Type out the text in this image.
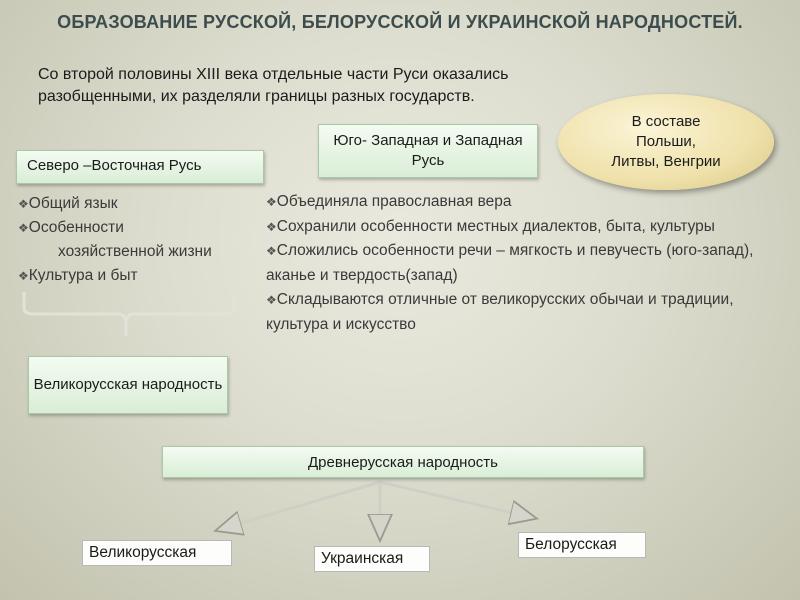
ОБРАЗОВАНИЕ РУССКОЙ, БЕЛОРУССКОЙ И УКРАИНСКОЙ НАРОДНОСТЕЙ.
Со второй половины XIII века отдельные части Руси оказались разобщенными, их разделяли границы разных государств.
В составе Польши, Литвы, Венгрии
Северо –Восточная Русь
Юго- Западная и Западная Русь
❖Общий язык
❖Особенности
хозяйственной жизни
❖Культура и быт
❖Объединяла православная вера
❖Сохранили особенности местных диалектов, быта, культуры
❖Сложились особенности речи – мягкость и певучесть (юго-запад), аканье и твердость(запад)
❖Складываются отличные от великорусских обычаи и традиции, культура и искусство
Великорусская народность
Древнерусская народность
Великорусская	Украинская
Белорусская
